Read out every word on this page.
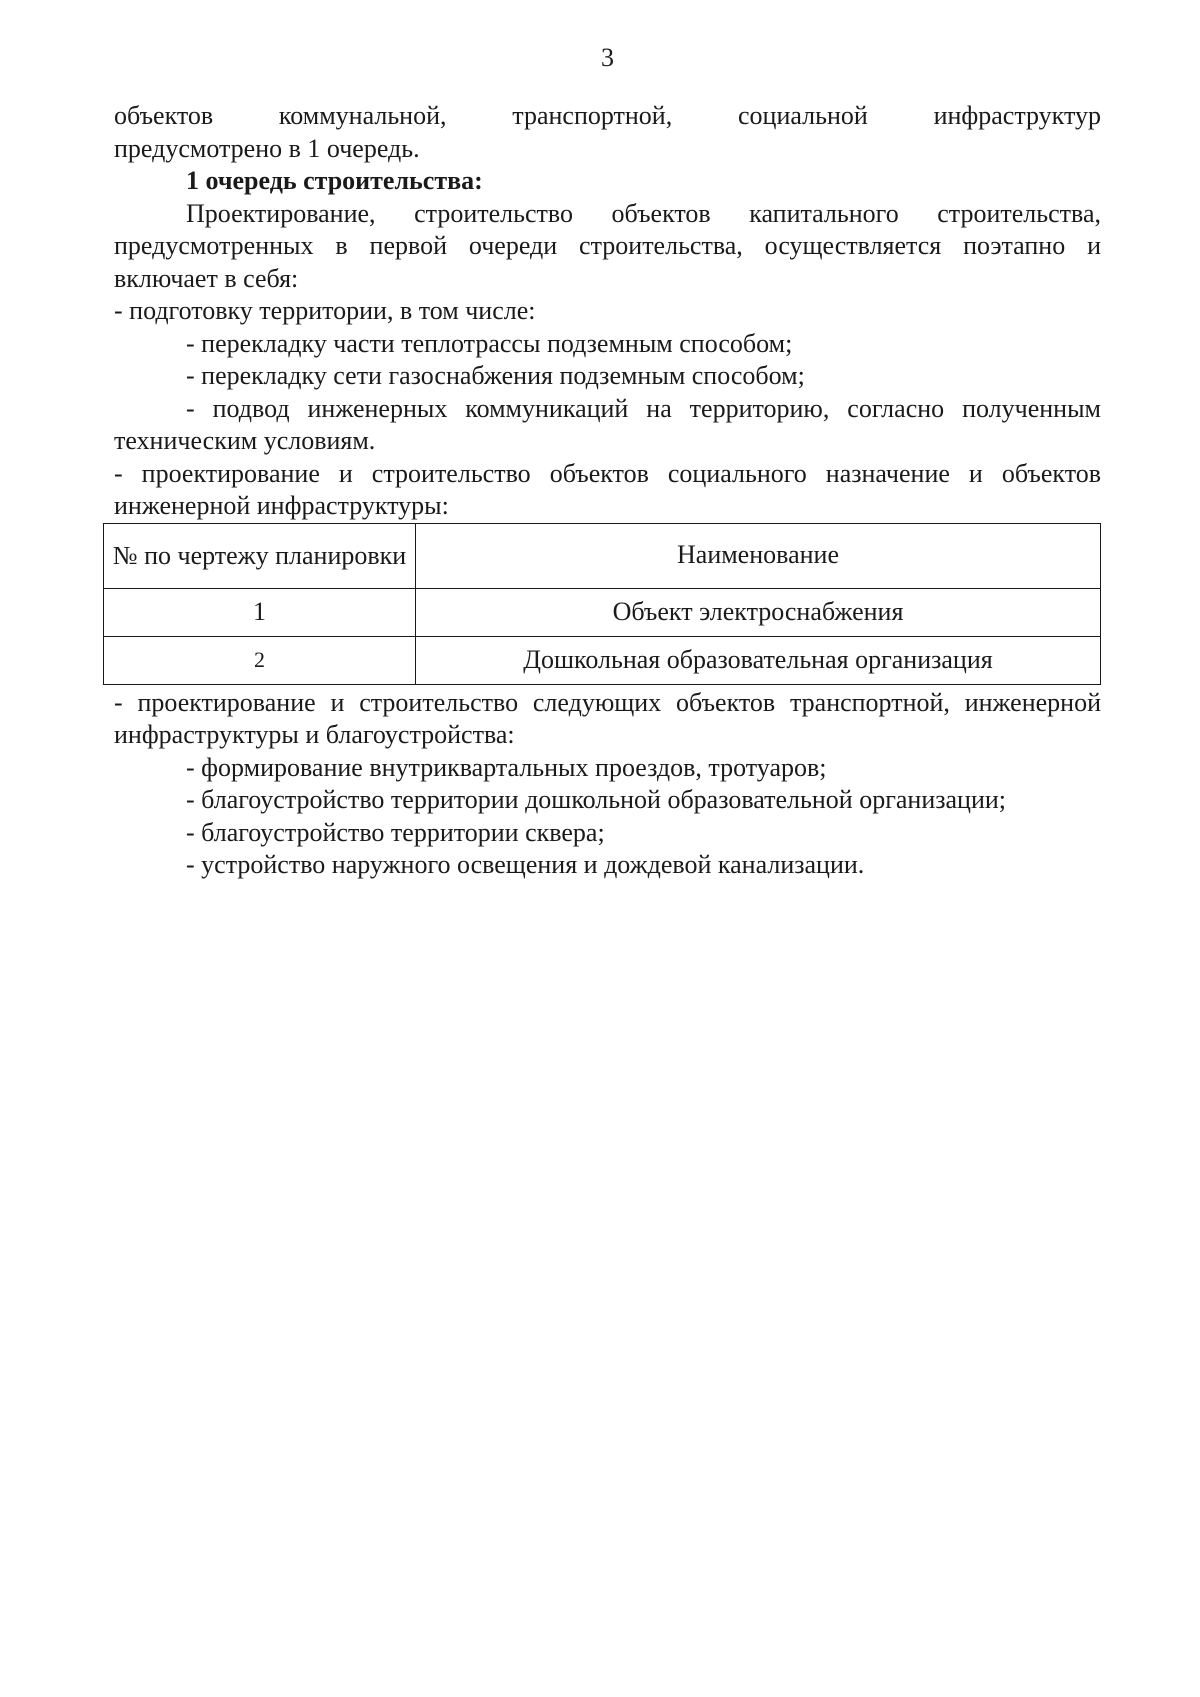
3

объектов коммунальной, транспортной, социальной инфраструктур

предусмотрено в 1 очередь.

1 очередь строительства:

Проектирование, строительство объектов капитального строительства, предусмотренных в первой очереди строительства, осуществляется поэтапно и включает в себя:

- подготовку территории, в том числе:

- перекладку части теплотрассы подземным способом;

- перекладку сети газоснабжения подземным способом;

- подвод инженерных коммуникаций на территорию, согласно полученным техническим условиям.

- проектирование и строительство объектов социального назначение и объектов инженерной инфраструктуры:

№ по чертежу планировки	Наименование
1	Объект электроснабжения
2	Дошкольная образовательная организация

- проектирование и строительство следующих объектов транспортной, инженерной инфраструктуры и благоустройства:

- формирование внутриквартальных проездов, тротуаров;

- благоустройство территории дошкольной образовательной организации;

- благоустройство территории сквера;

- устройство наружного освещения и дождевой канализации.
